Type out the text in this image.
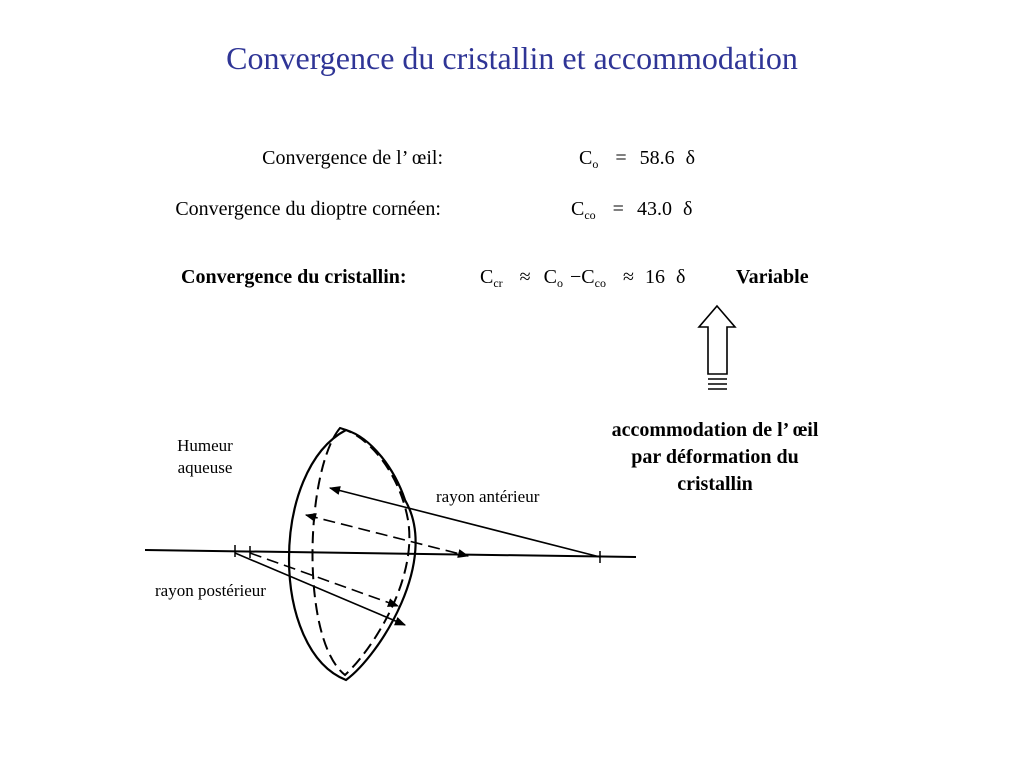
Convergence du cristallin et accommodation
Convergence de l’ œil:	$C_o = 58.6$ δ
Convergence du dioptre cornéen:	$C_{co} = 43.0$ δ
Convergence du cristallin:	$C_{cr} \approx C_o -C_{co} \approx 16$ δ	Variable
accommodation de l’ œil
par déformation du
cristallin
Humeur
aqueuse
rayon antérieur
rayon postérieur
